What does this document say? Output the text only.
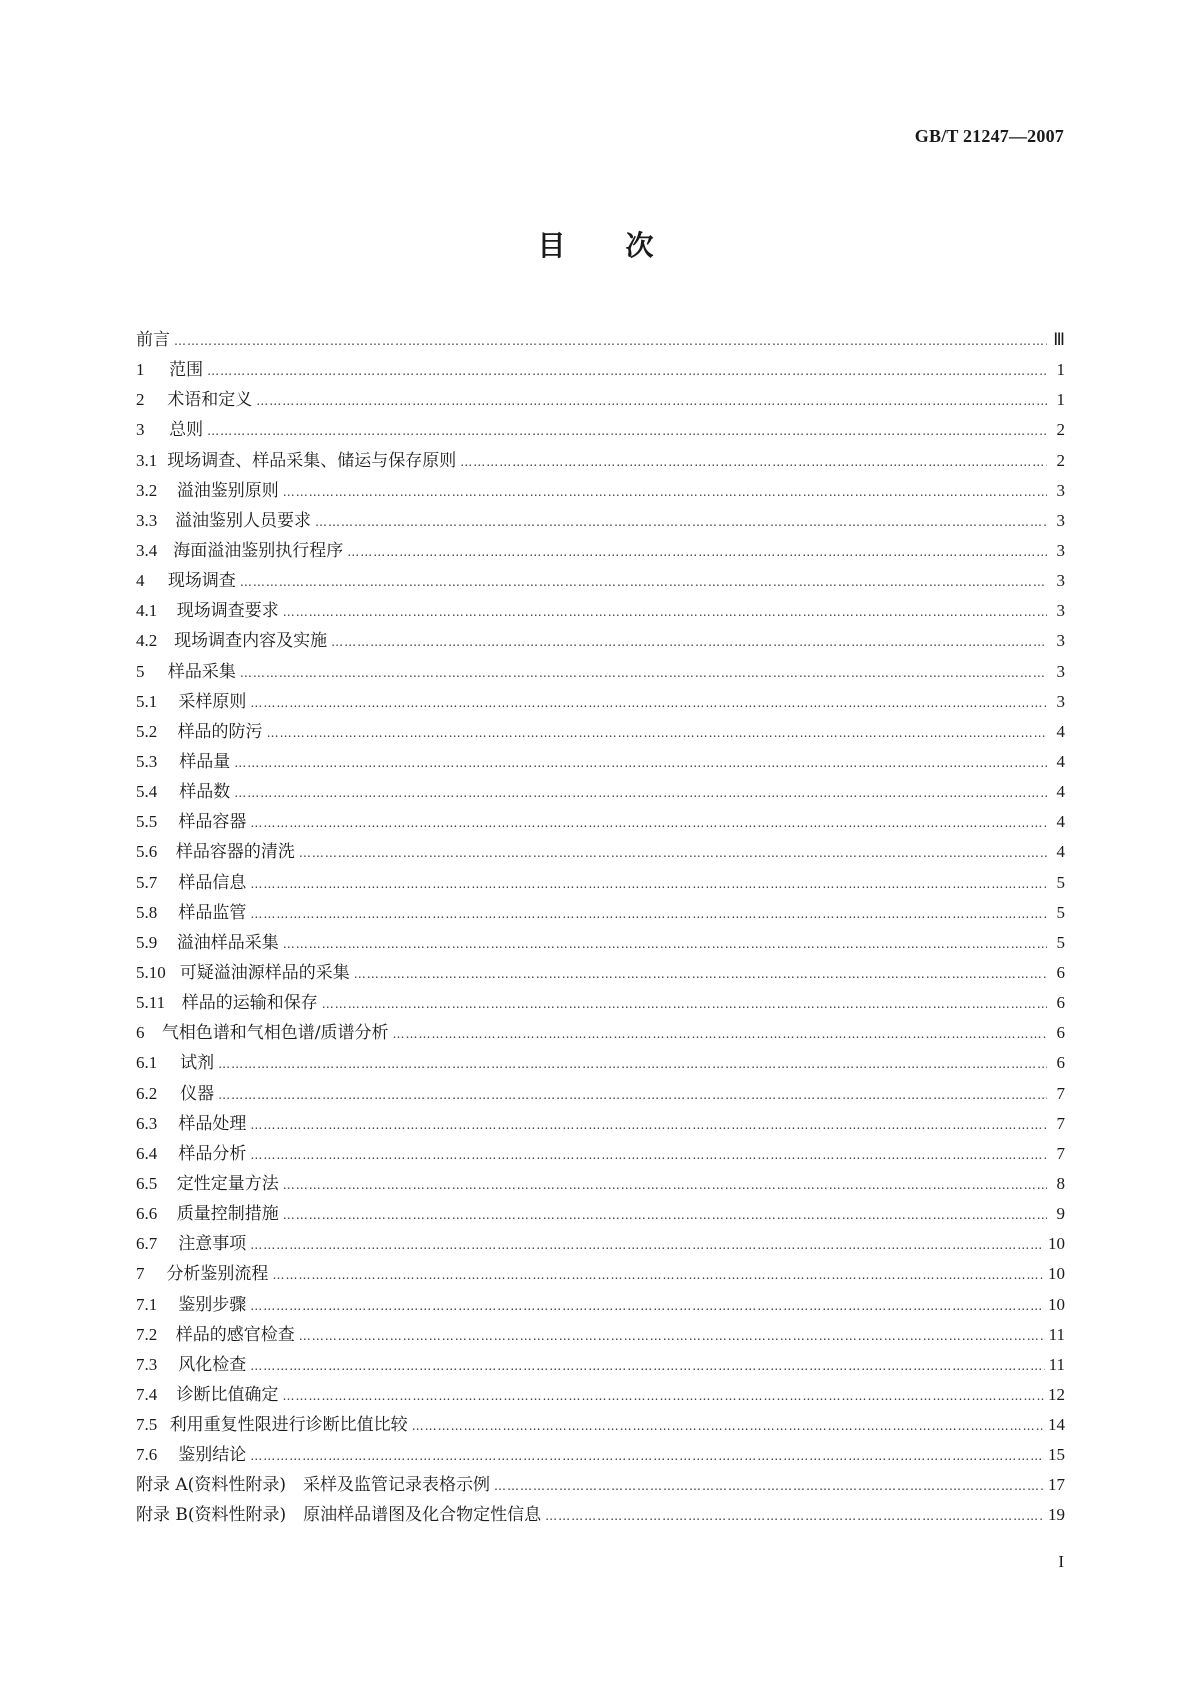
GB/T 21247—2007
目 次
前言 ………………………………………………………………………………………………………………………………………………………………………………………………………………	Ⅲ
1	范围 ………………………………………………………………………………………………………………………………………………………………………………………………………………	1
2	术语和定义 ………………………………………………………………………………………………………………………………………………………………………………………………………………	1
3	总则 ………………………………………………………………………………………………………………………………………………………………………………………………………………	2
3.1 现场调查、样品采集、储运与保存原则 ………………………………………………………………………………………………………………………………………………………………………………………………………………	2
3.2	溢油鉴别原则 ………………………………………………………………………………………………………………………………………………………………………………………………………………	3
3.3	溢油鉴别人员要求 ………………………………………………………………………………………………………………………………………………………………………………………………………………	3
3.4 海面溢油鉴别执行程序 ………………………………………………………………………………………………………………………………………………………………………………………………………………	3
4	现场调查 ………………………………………………………………………………………………………………………………………………………………………………………………………………	3
4.1	现场调查要求 ………………………………………………………………………………………………………………………………………………………………………………………………………………	3
4.2 现场调查内容及实施 ………………………………………………………………………………………………………………………………………………………………………………………………………………	3
5	样品采集 ………………………………………………………………………………………………………………………………………………………………………………………………………………	3
5.1	采样原则 ………………………………………………………………………………………………………………………………………………………………………………………………………………	3
5.2	样品的防污 ………………………………………………………………………………………………………………………………………………………………………………………………………………	4
5.3	样品量 ………………………………………………………………………………………………………………………………………………………………………………………………………………	4
5.4	样品数 ………………………………………………………………………………………………………………………………………………………………………………………………………………	4
5.5	样品容器 ………………………………………………………………………………………………………………………………………………………………………………………………………………	4
5.6	样品容器的清洗 ………………………………………………………………………………………………………………………………………………………………………………………………………………	4
5.7	样品信息 ………………………………………………………………………………………………………………………………………………………………………………………………………………	5
5.8	样品监管 ………………………………………………………………………………………………………………………………………………………………………………………………………………	5
5.9	溢油样品采集 ………………………………………………………………………………………………………………………………………………………………………………………………………………	5
5.10 可疑溢油源样品的采集 ………………………………………………………………………………………………………………………………………………………………………………………………………………	6
5.11 样品的运输和保存 ………………………………………………………………………………………………………………………………………………………………………………………………………………	6
6	气相色谱和气相色谱/质谱分析 ………………………………………………………………………………………………………………………………………………………………………………………………………………	6
6.1	试剂 ………………………………………………………………………………………………………………………………………………………………………………………………………………	6
6.2	仪器 ………………………………………………………………………………………………………………………………………………………………………………………………………………	7
6.3	样品处理 ………………………………………………………………………………………………………………………………………………………………………………………………………………	7
6.4	样品分析 ………………………………………………………………………………………………………………………………………………………………………………………………………………	7
6.5	定性定量方法 ………………………………………………………………………………………………………………………………………………………………………………………………………………	8
6.6	质量控制措施 ………………………………………………………………………………………………………………………………………………………………………………………………………………	9
6.7	注意事项 ………………………………………………………………………………………………………………………………………………………………………………………………………………	10
7	分析鉴别流程 ………………………………………………………………………………………………………………………………………………………………………………………………………………	10
7.1	鉴别步骤 ………………………………………………………………………………………………………………………………………………………………………………………………………………	10
7.2	样品的感官检查 ………………………………………………………………………………………………………………………………………………………………………………………………………………	11
7.3	风化检查 ………………………………………………………………………………………………………………………………………………………………………………………………………………	11
7.4	诊断比值确定 ………………………………………………………………………………………………………………………………………………………………………………………………………………	12
7.5 利用重复性限进行诊断比值比较 ………………………………………………………………………………………………………………………………………………………………………………………………………………	14
7.6	鉴别结论 ………………………………………………………………………………………………………………………………………………………………………………………………………………	15
附录 A(资料性附录)　采样及监管记录表格示例 ………………………………………………………………………………………………………………………………………………………………………………………………………………	17
附录 B(资料性附录)　原油样品谱图及化合物定性信息 ………………………………………………………………………………………………………………………………………………………………………………………………………………	19
I
